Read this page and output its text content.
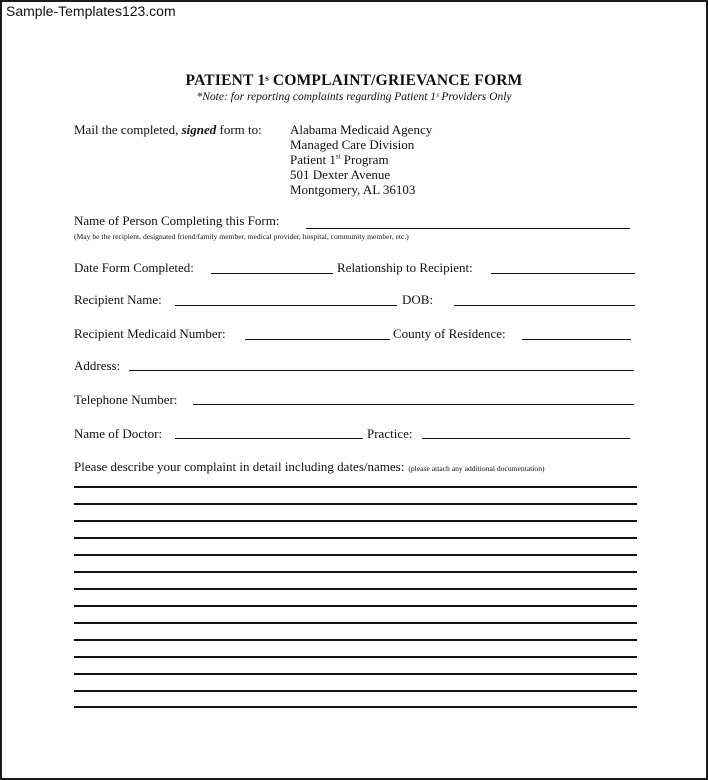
Sample-Templates123.com
PATIENT 1ˢ COMPLAINT/GRIEVANCE FORM
*Note: for reporting complaints regarding Patient 1ˢ Providers Only
Mail the completed, signed form to: Alabama Medicaid Agency
Managed Care Division
Patient 1st Program
501 Dexter Avenue
Montgomery, AL 36103
Name of Person Completing this Form:
(May be the recipient, designated friend/family member, medical provider, hospital, community member, etc.)
Date Form Completed:	Relationship to Recipient:
Recipient Name:	DOB:
Recipient Medicaid Number:	County of Residence:
Address:
Telephone Number:
Name of Doctor:	Practice:
Please describe your complaint in detail including dates/names: (please attach any additional documentation)
